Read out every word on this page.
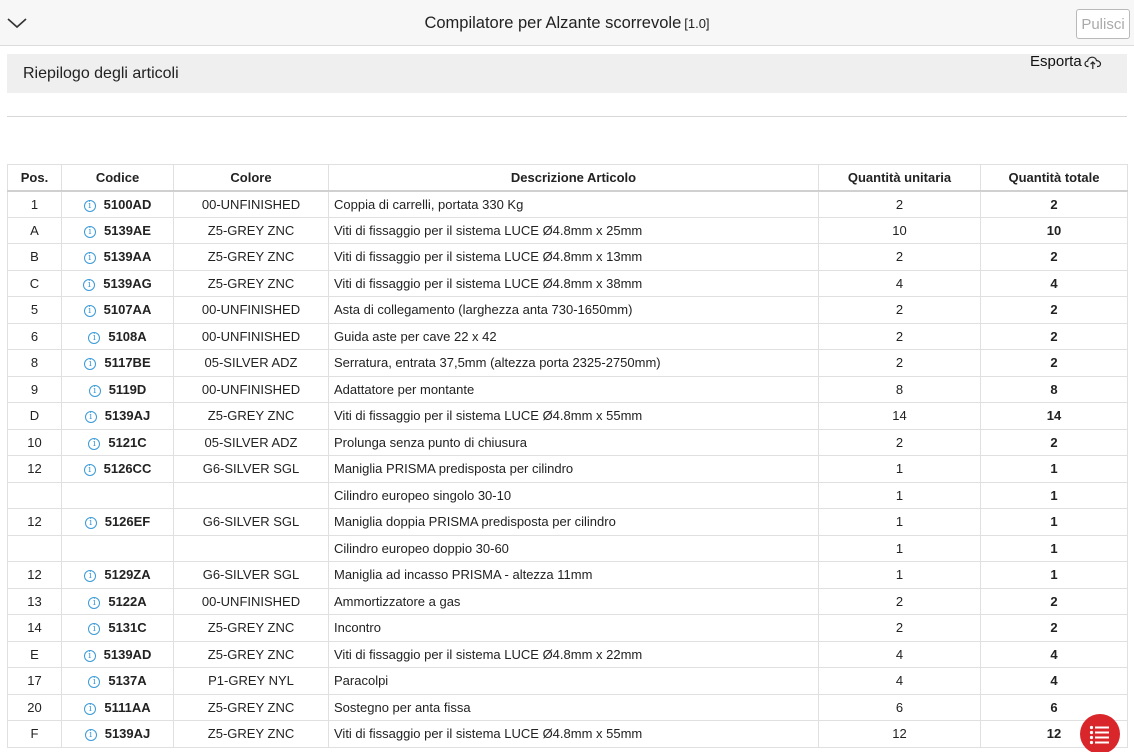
Compilatore per Alzante scorrevole [1.0]	Pulisci
Riepilogo degli articoli
Esporta
Pos.	Codice	Colore	Descrizione Articolo	Quantità unitaria	Quantità totale
1	i 5100AD	00-UNFINISHED	Coppia di carrelli, portata 330 Kg	2	2
A	i 5139AE	Z5-GREY ZNC	Viti di fissaggio per il sistema LUCE Ø4.8mm x 25mm	10	10
B	i 5139AA	Z5-GREY ZNC	Viti di fissaggio per il sistema LUCE Ø4.8mm x 13mm	2	2
C	i 5139AG	Z5-GREY ZNC	Viti di fissaggio per il sistema LUCE Ø4.8mm x 38mm	4	4
5	i 5107AA	00-UNFINISHED	Asta di collegamento (larghezza anta 730-1650mm)	2	2
6	i 5108A	00-UNFINISHED	Guida aste per cave 22 x 42	2	2
8	i 5117BE	05-SILVER ADZ	Serratura, entrata 37,5mm (altezza porta 2325-2750mm)	2	2
9	i 5119D	00-UNFINISHED	Adattatore per montante	8	8
D	i 5139AJ	Z5-GREY ZNC	Viti di fissaggio per il sistema LUCE Ø4.8mm x 55mm	14	14
10	i 5121C	05-SILVER ADZ	Prolunga senza punto di chiusura	2	2
12	i 5126CC	G6-SILVER SGL	Maniglia PRISMA predisposta per cilindro	1	1
			Cilindro europeo singolo 30-10	1	1
12	i 5126EF	G6-SILVER SGL	Maniglia doppia PRISMA predisposta per cilindro	1	1
			Cilindro europeo doppio 30-60	1	1
12	i 5129ZA	G6-SILVER SGL	Maniglia ad incasso PRISMA - altezza 11mm	1	1
13	i 5122A	00-UNFINISHED	Ammortizzatore a gas	2	2
14	i 5131C	Z5-GREY ZNC	Incontro	2	2
E	i 5139AD	Z5-GREY ZNC	Viti di fissaggio per il sistema LUCE Ø4.8mm x 22mm	4	4
17	i 5137A	P1-GREY NYL	Paracolpi	4	4
20	i 5111AA	Z5-GREY ZNC	Sostegno per anta fissa	6	6
F	i 5139AJ	Z5-GREY ZNC	Viti di fissaggio per il sistema LUCE Ø4.8mm x 55mm	12	12
